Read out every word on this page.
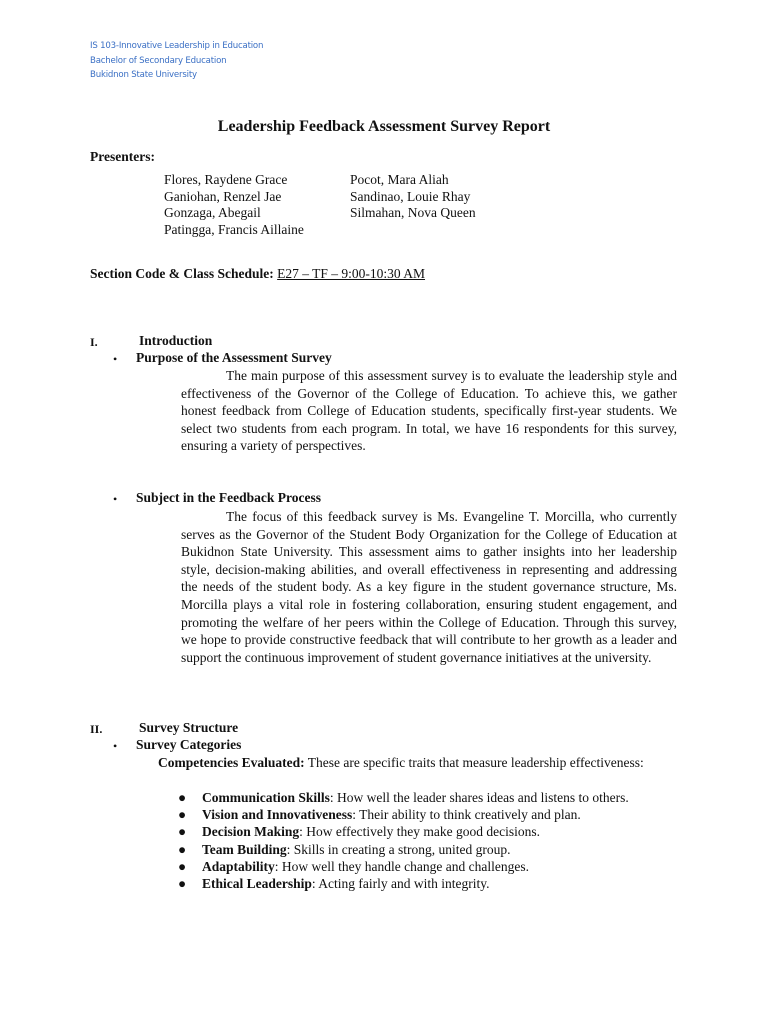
IS 103-Innovative Leadership in Education
Bachelor of Secondary Education
Bukidnon State University
Leadership Feedback Assessment Survey Report
Presenters:
Flores, Raydene Grace
Ganiohan, Renzel Jae
Gonzaga, Abegail
Patingga, Francis Aillaine
Pocot, Mara Aliah
Sandinao, Louie Rhay
Silmahan, Nova Queen
Section Code & Class Schedule: E27 – TF – 9:00-10:30 AM
I.	Introduction
• Purpose of the Assessment Survey

The main purpose of this assessment survey is to evaluate the leadership style and effectiveness of the Governor of the College of Education. To achieve this, we gather honest feedback from College of Education students, specifically first-year students. We select two students from each program. In total, we have 16 respondents for this survey, ensuring a variety of perspectives.

• Subject in the Feedback Process

The focus of this feedback survey is Ms. Evangeline T. Morcilla, who currently serves as the Governor of the Student Body Organization for the College of Education at Bukidnon State University. This assessment aims to gather insights into her leadership style, decision-making abilities, and overall effectiveness in representing and addressing the needs of the student body. As a key figure in the student governance structure, Ms. Morcilla plays a vital role in fostering collaboration, ensuring student engagement, and promoting the welfare of her peers within the College of Education. Through this survey, we hope to provide constructive feedback that will contribute to her growth as a leader and support the continuous improvement of student governance initiatives at the university.

II.	Survey Structure
• Survey Categories
Competencies Evaluated: These are specific traits that measure leadership effectiveness:
● Communication Skills: How well the leader shares ideas and listens to others.
● Vision and Innovativeness: Their ability to think creatively and plan.
● Decision Making: How effectively they make good decisions.
● Team Building: Skills in creating a strong, united group.
● Adaptability: How well they handle change and challenges.
● Ethical Leadership: Acting fairly and with integrity.
